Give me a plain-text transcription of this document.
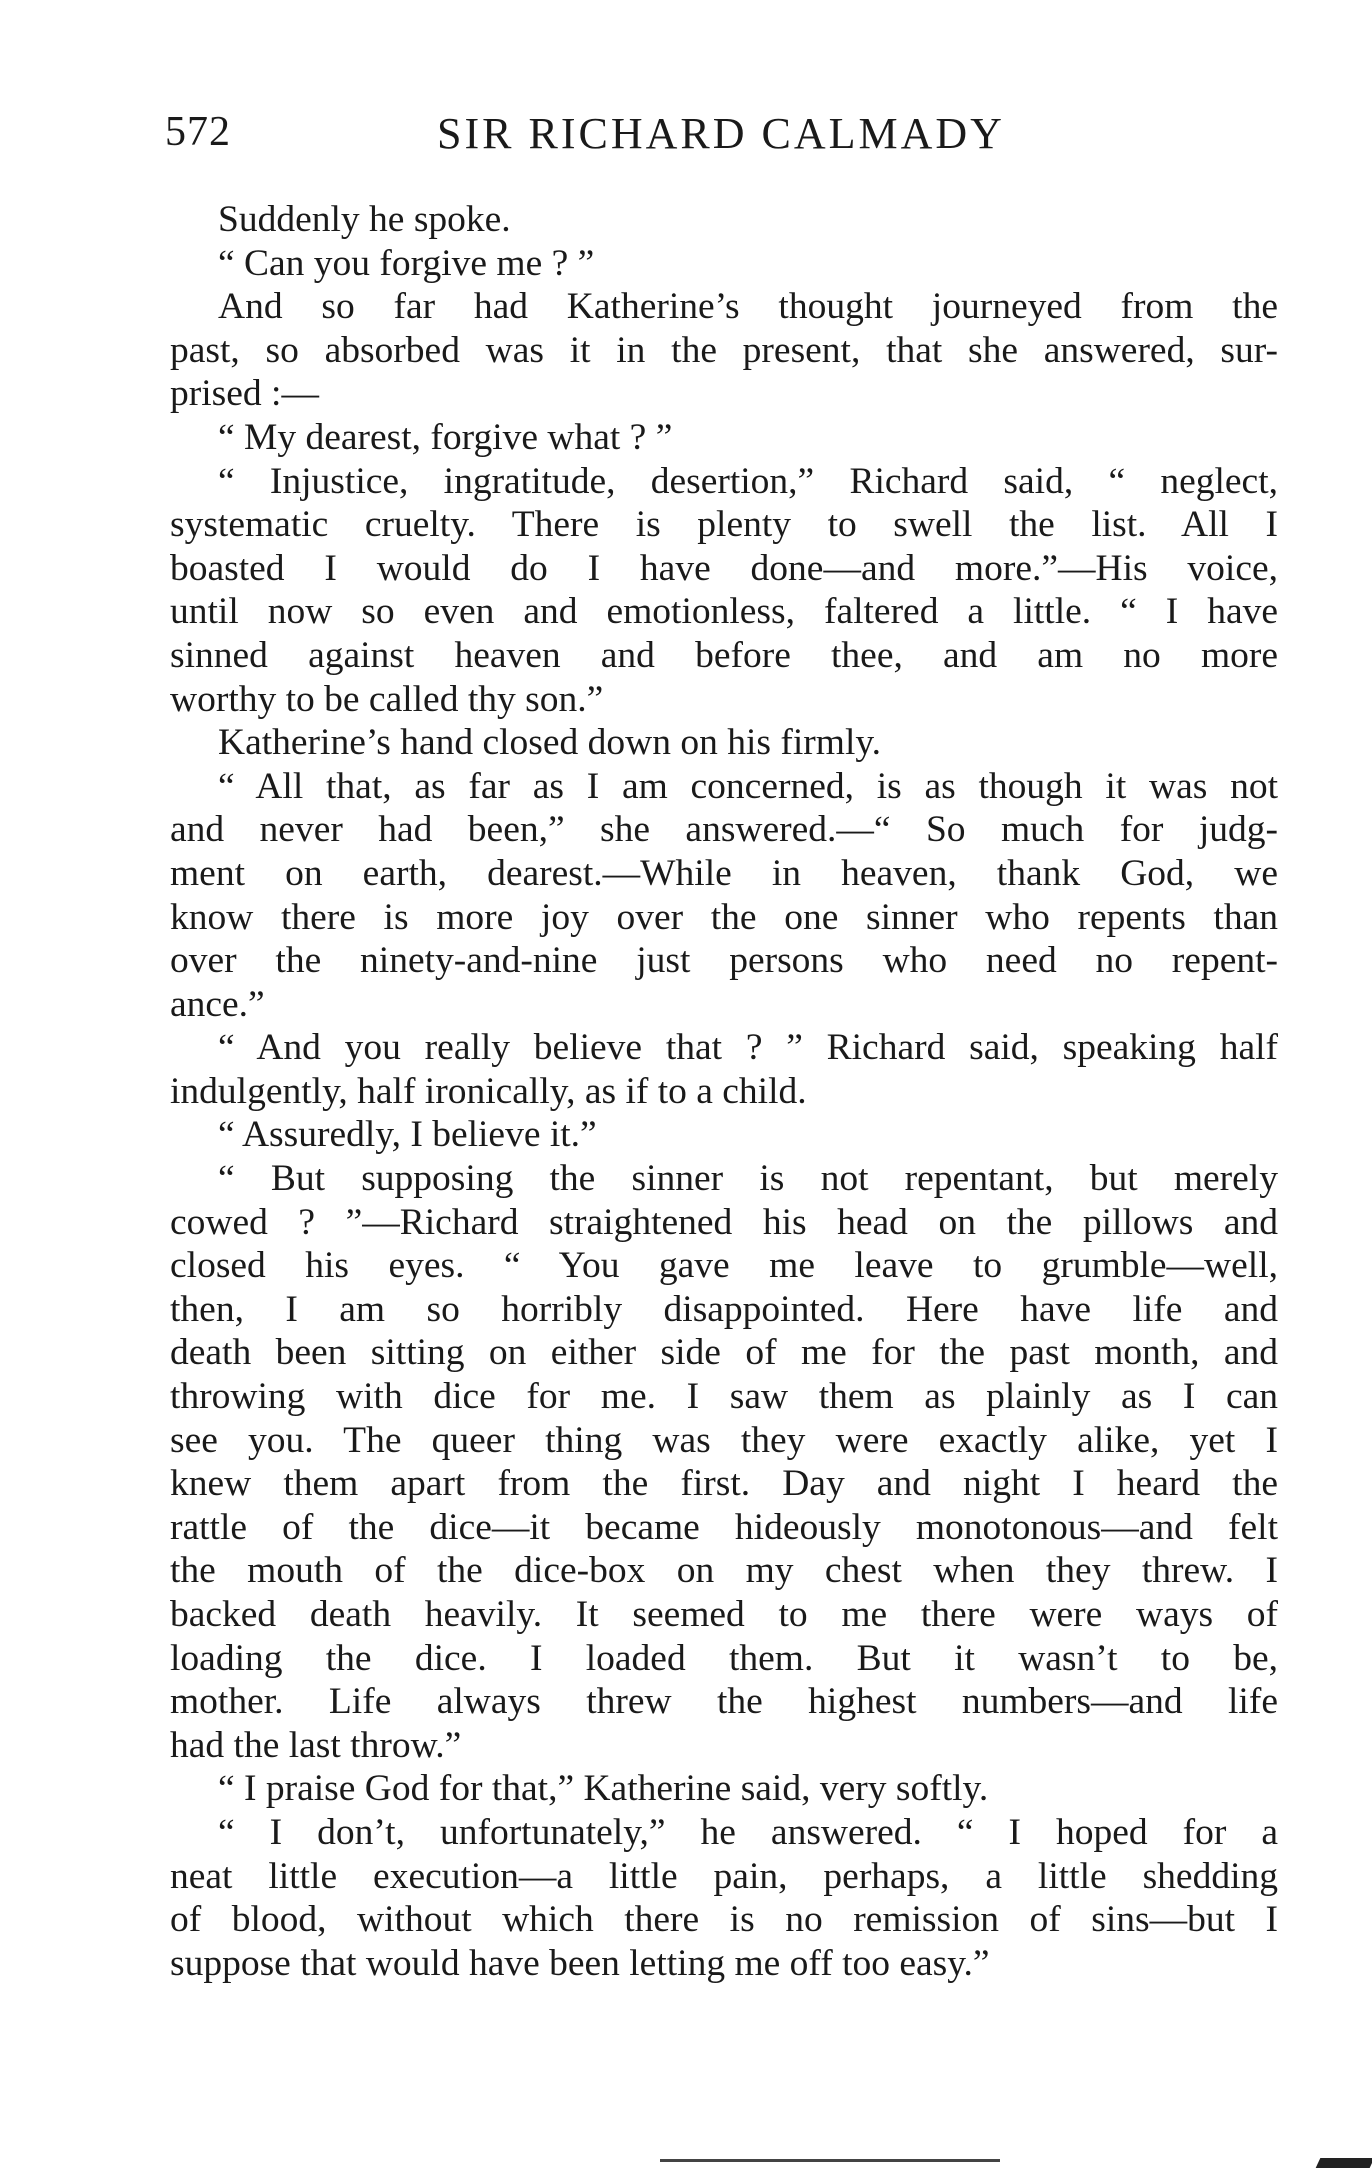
572	SIR RICHARD CALMADY
Suddenly he spoke.
“ Can you forgive me ? ”
And so far had Katherine’s thought journeyed from the
past, so absorbed was it in the present, that she answered, sur-
prised :—
“ My dearest, forgive what ? ”
“ Injustice, ingratitude, desertion,” Richard said, “ neglect,
systematic cruelty. There is plenty to swell the list. All I
boasted I would do I have done—and more.”—His voice,
until now so even and emotionless, faltered a little. “ I have
sinned against heaven and before thee, and am no more
worthy to be called thy son.”
Katherine’s hand closed down on his firmly.
“ All that, as far as I am concerned, is as though it was not
and never had been,” she answered.—“ So much for judg-
ment on earth, dearest.—While in heaven, thank God, we
know there is more joy over the one sinner who repents than
over the ninety-and-nine just persons who need no repent-
ance.”
“ And you really believe that ? ” Richard said, speaking half
indulgently, half ironically, as if to a child.
“ Assuredly, I believe it.”
“ But supposing the sinner is not repentant, but merely
cowed ? ”—Richard straightened his head on the pillows and
closed his eyes. “ You gave me leave to grumble—well,
then, I am so horribly disappointed. Here have life and
death been sitting on either side of me for the past month, and
throwing with dice for me. I saw them as plainly as I can
see you. The queer thing was they were exactly alike, yet I
knew them apart from the first. Day and night I heard the
rattle of the dice—it became hideously monotonous—and felt
the mouth of the dice-box on my chest when they threw. I
backed death heavily. It seemed to me there were ways of
loading the dice. I loaded them. But it wasn’t to be,
mother. Life always threw the highest numbers—and life
had the last throw.”
“ I praise God for that,” Katherine said, very softly.
“ I don’t, unfortunately,” he answered. “ I hoped for a
neat little execution—a little pain, perhaps, a little shedding
of blood, without which there is no remission of sins—but I
suppose that would have been letting me off too easy.”
